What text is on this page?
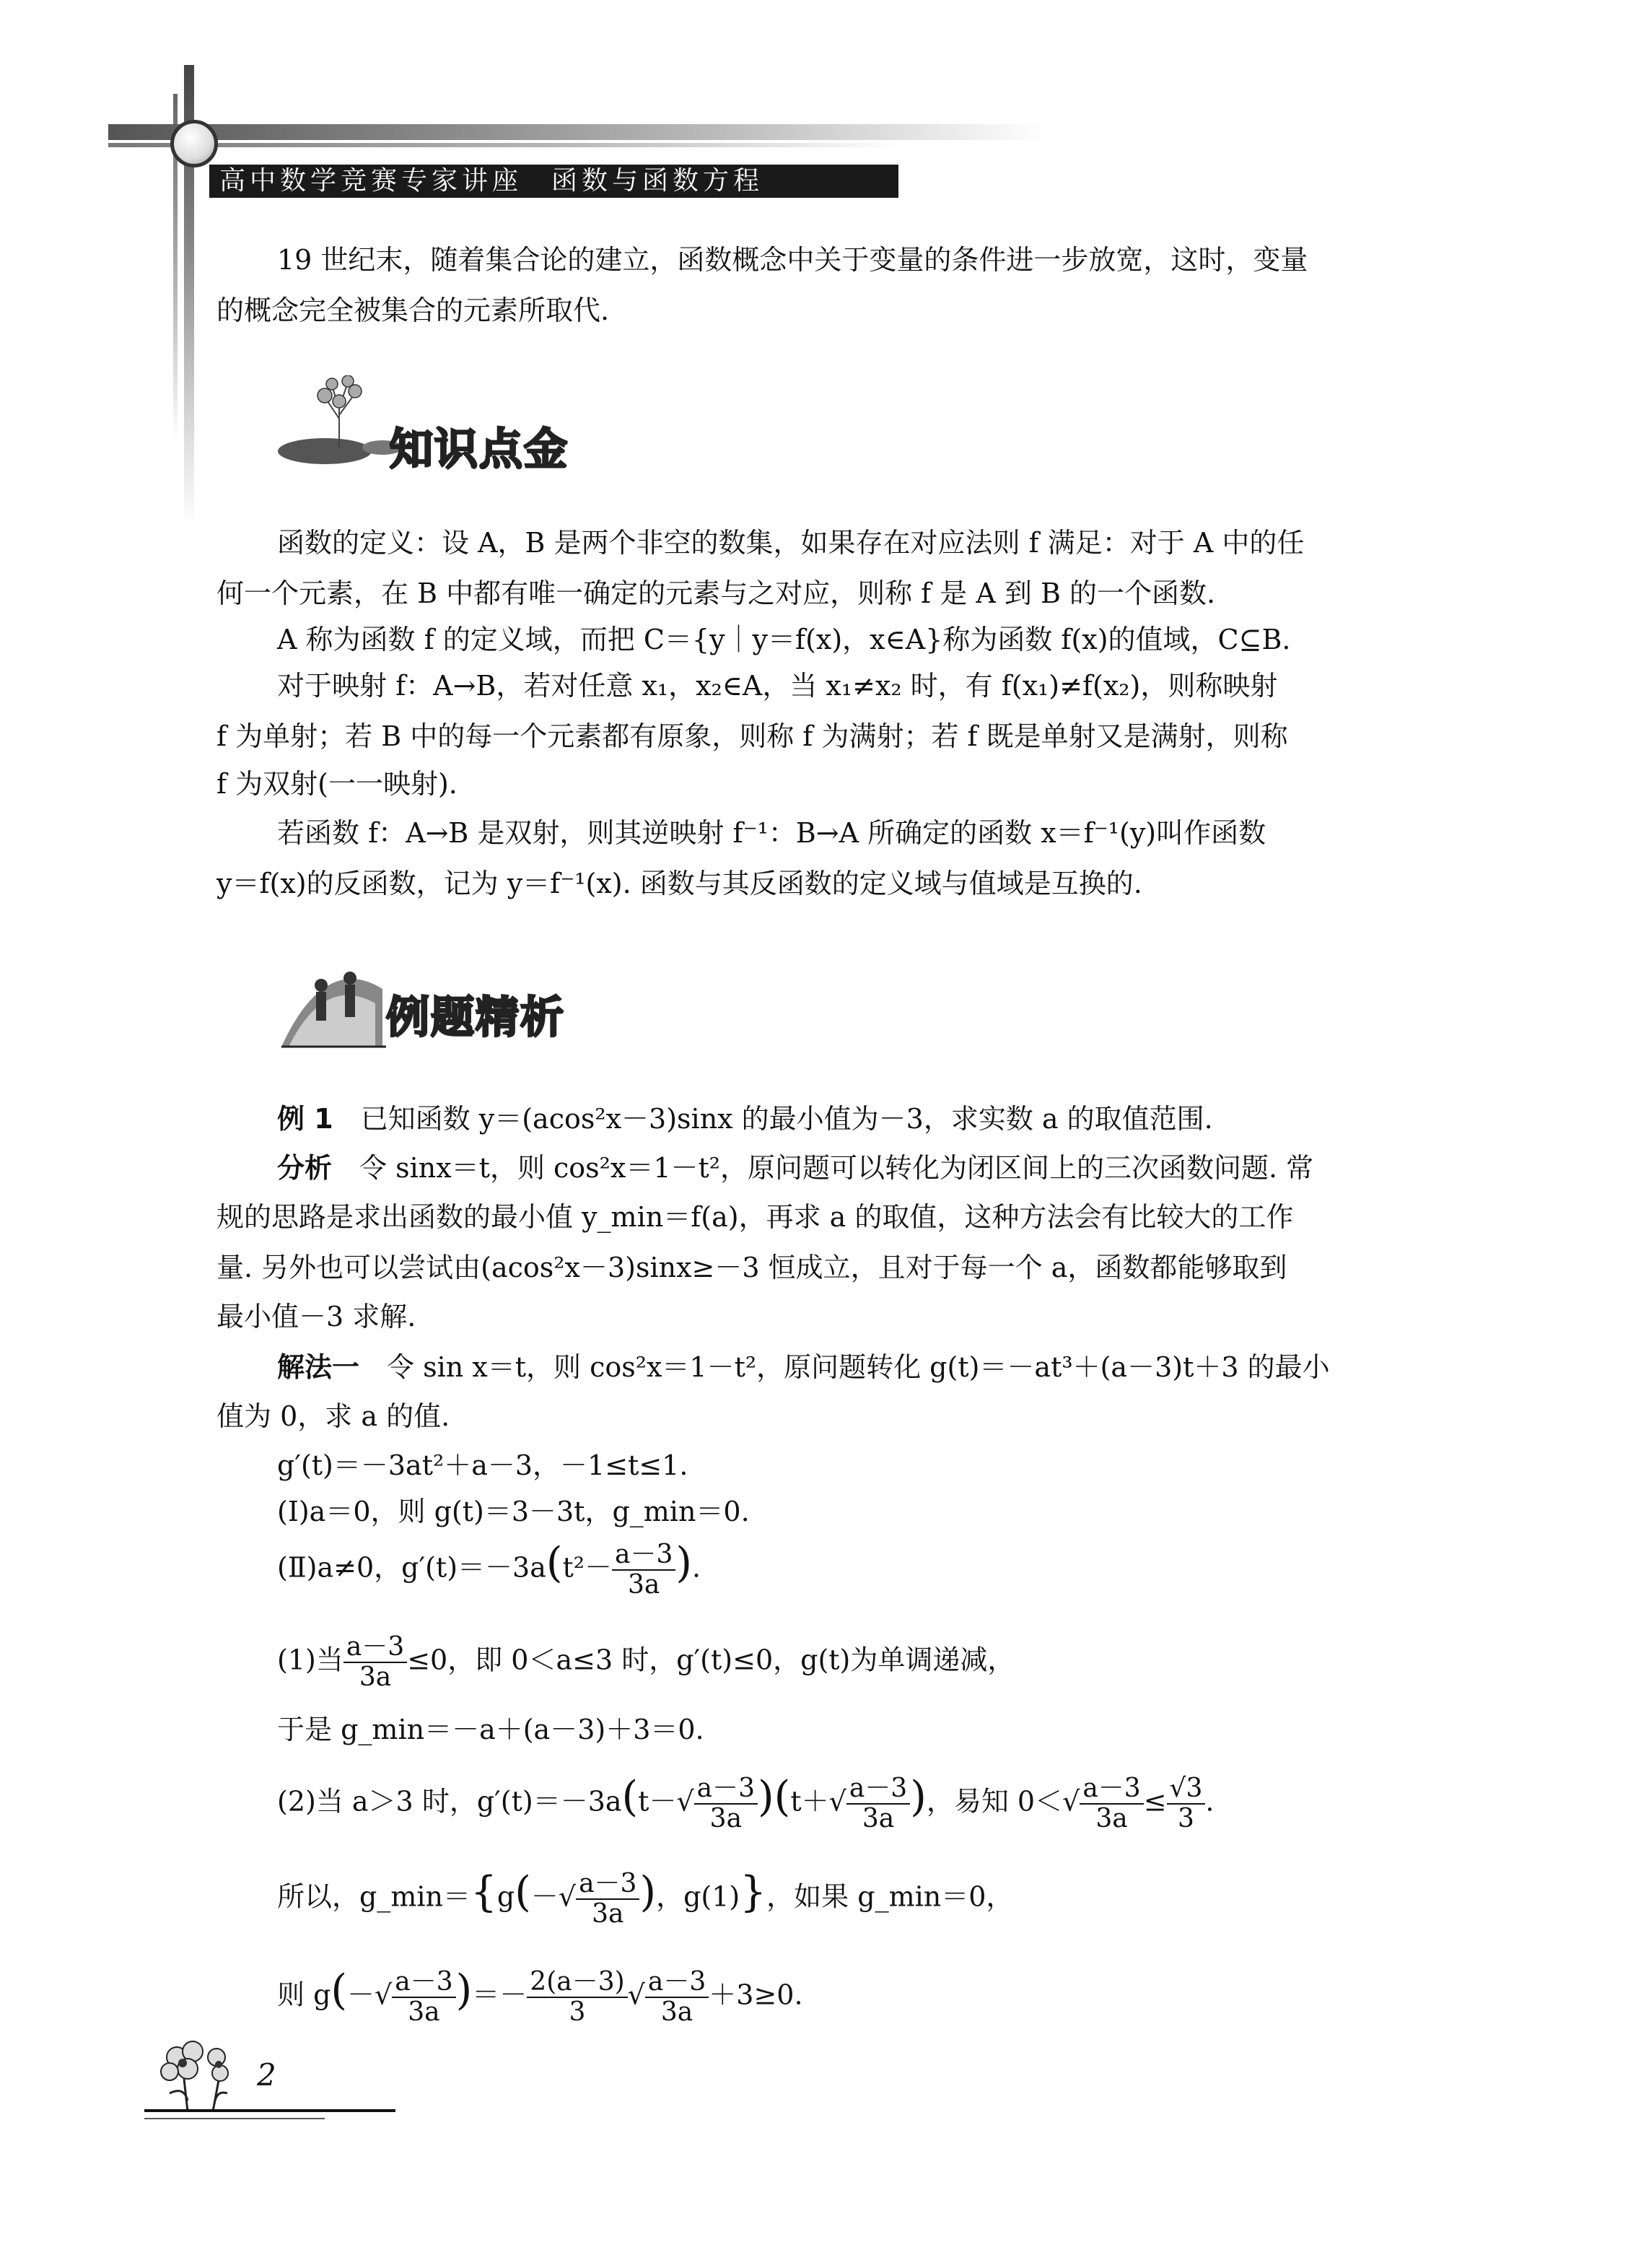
高中数学竞赛专家讲座 函数与函数方程
19 世纪末，随着集合论的建立，函数概念中关于变量的条件进一步放宽，这时，变量
的概念完全被集合的元素所取代.
知识点金
函数的定义：设 A，B 是两个非空的数集，如果存在对应法则 f 满足：对于 A 中的任
何一个元素，在 B 中都有唯一确定的元素与之对应，则称 f 是 A 到 B 的一个函数.
A 称为函数 f 的定义域，而把 C＝{y｜y＝f(x)，x∈A}称为函数 f(x)的值域，C⊆B.
对于映射 f：A→B，若对任意 x₁，x₂∈A，当 x₁≠x₂ 时，有 f(x₁)≠f(x₂)，则称映射
f 为单射；若 B 中的每一个元素都有原象，则称 f 为满射；若 f 既是单射又是满射，则称
f 为双射(一一映射).
若函数 f：A→B 是双射，则其逆映射 f⁻¹：B→A 所确定的函数 x＝f⁻¹(y)叫作函数
y＝f(x)的反函数，记为 y＝f⁻¹(x). 函数与其反函数的定义域与值域是互换的.
例题精析
例 1　 已知函数 y＝(acos²x－3)sinx 的最小值为－3，求实数 a 的取值范围.
分析　 令 sinx＝t，则 cos²x＝1－t²，原问题可以转化为闭区间上的三次函数问题. 常
规的思路是求出函数的最小值 y_min＝f(a)，再求 a 的取值，这种方法会有比较大的工作
量. 另外也可以尝试由(acos²x－3)sinx≥－3 恒成立，且对于每一个 a，函数都能够取到
最小值－3 求解.
解法一　 令 sin x＝t，则 cos²x＝1－t²，原问题转化 g(t)＝－at³＋(a－3)t＋3 的最小
值为 0，求 a 的值.
g′(t)＝－3at²＋a－3，－1≤t≤1.
(Ⅰ)a＝0，则 g(t)＝3－3t，g_min＝0.
(Ⅱ)a≠0，$g'(t)=-3a(t^2- \frac{a-3}{3a}$ ).
(1)当 $\frac{a-3}{3a} \le 0$，即 0＜a≤3 时，g′(t)≤0，g(t)为单调递减，
于是 g_min＝－a＋(a－3)＋3＝0.
(2)当 a＞3 时，$g'(t)=-3a(t-√ \frac{a-3}{3a} )(t+√ \frac{a-3}{3a}$ )，易知 $0<√ \frac{a-3}{3a} \le \frac{√3}{3}$ .
所以，g_min＝{g(－√ $\frac{a-3}{3a}$ )，g(1)}，如果 g_min＝0，
则 $g(-√ \frac{a-3}{3a}$ )＝－ $\frac{2(a-3)}{3}$ √ $\frac{a-3}{3a} +3\ge 0$.
2
